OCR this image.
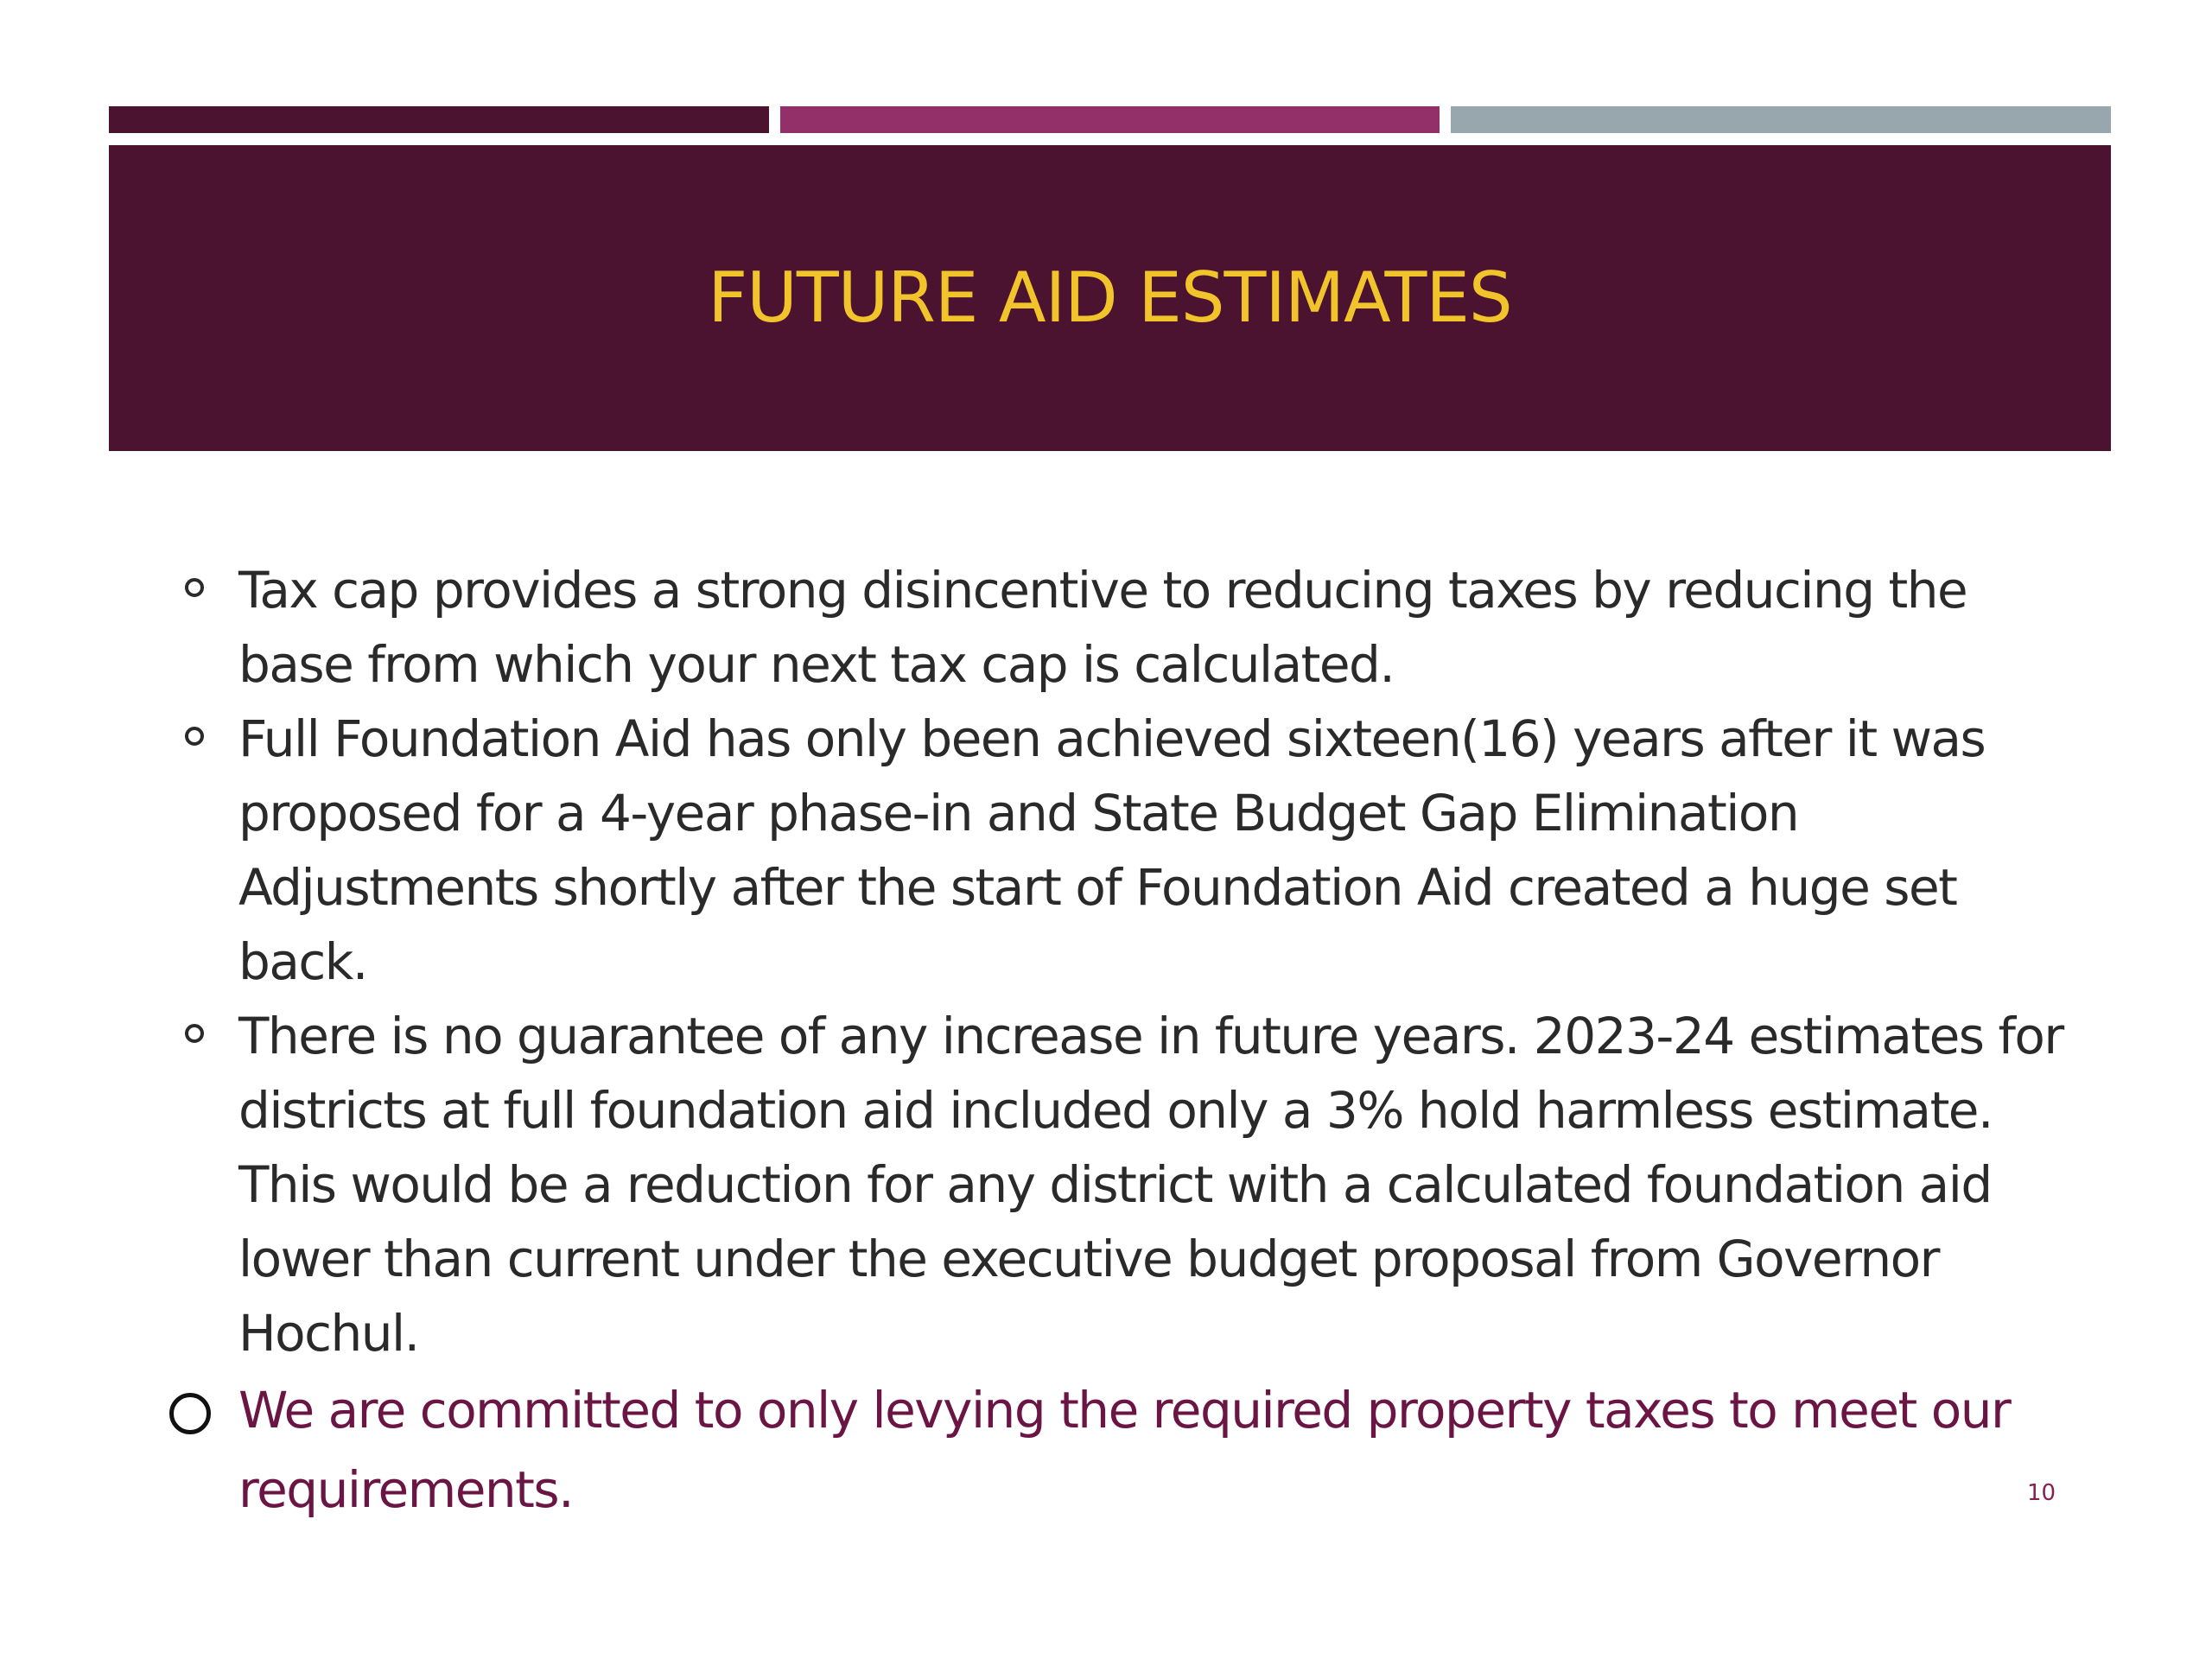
FUTURE AID ESTIMATES
Tax cap provides a strong disincentive to reducing taxes by reducing the base from which your next tax cap is calculated.
Full Foundation Aid has only been achieved sixteen(16) years after it was proposed for a 4-year phase-in and State Budget Gap Elimination Adjustments shortly after the start of Foundation Aid created a huge set back.
There is no guarantee of any increase in future years. 2023-24 estimates for districts at full foundation aid included only a 3% hold harmless estimate. This would be a reduction for any district with a calculated foundation aid lower than current under the executive budget proposal from Governor Hochul.
We are committed to only levying the required property taxes to meet our requirements.	10
